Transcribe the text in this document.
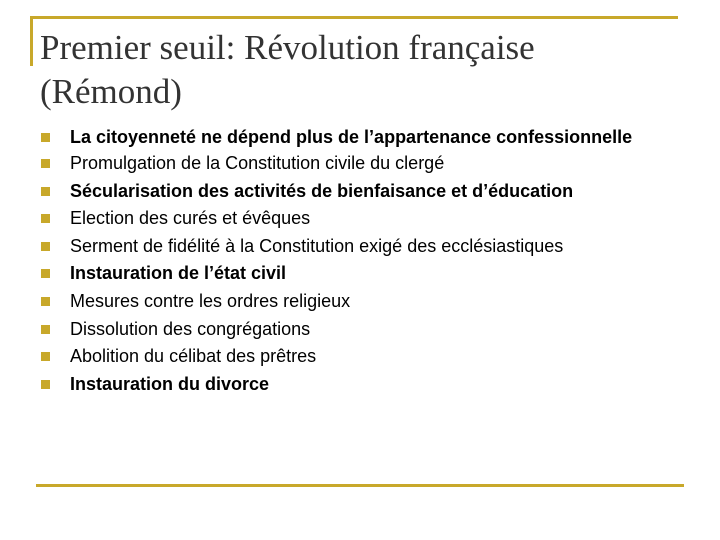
Premier seuil: Révolution française (Rémond)
La citoyenneté ne dépend plus de l’appartenance confessionnelle
Promulgation de la Constitution civile du clergé
Sécularisation des activités de bienfaisance et d’éducation
Election des curés et évêques
Serment de fidélité à la Constitution exigé des ecclésiastiques
Instauration de l’état civil
Mesures contre les ordres religieux
Dissolution des congrégations
Abolition du célibat des prêtres
Instauration du divorce
